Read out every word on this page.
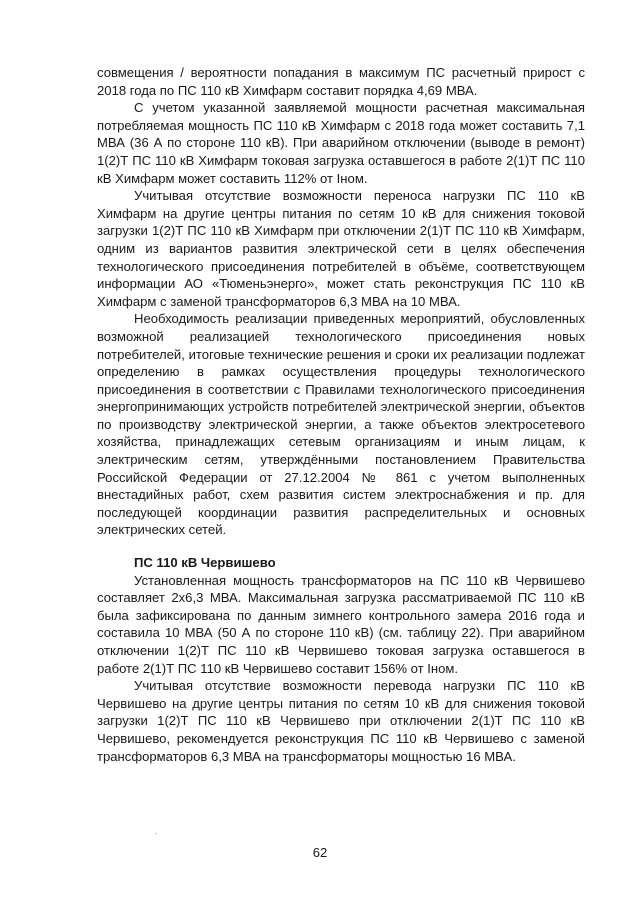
совмещения / вероятности попадания в максимум ПС расчетный прирост с 2018 года по ПС 110 кВ Химфарм составит порядка 4,69 МВА.

С учетом указанной заявляемой мощности расчетная максимальная потребляемая мощность ПС 110 кВ Химфарм с 2018 года может составить 7,1 МВА (36 А по стороне 110 кВ). При аварийном отключении (выводе в ремонт) 1(2)Т ПС 110 кВ Химфарм токовая загрузка оставшегося в работе 2(1)Т ПС 110 кВ Химфарм может составить 112% от Iном.

Учитывая отсутствие возможности переноса нагрузки ПС 110 кВ Химфарм на другие центры питания по сетям 10 кВ для снижения токовой загрузки 1(2)Т ПС 110 кВ Химфарм при отключении 2(1)Т ПС 110 кВ Химфарм, одним из вариантов развития электрической сети в целях обеспечения технологического присоединения потребителей в объёме, соответствующем информации АО «Тюменьэнерго», может стать реконструкция ПС 110 кВ Химфарм с заменой трансформаторов 6,3 МВА на 10 МВА.

Необходимость реализации приведенных мероприятий, обусловленных возможной реализацией технологического присоединения новых потребителей, итоговые технические решения и сроки их реализации подлежат определению в рамках осуществления процедуры технологического присоединения в соответствии с Правилами технологического присоединения энергопринимающих устройств потребителей электрической энергии, объектов по производству электрической энергии, а также объектов электросетевого хозяйства, принадлежащих сетевым организациям и иным лицам, к электрическим сетям, утверждёнными постановлением Правительства Российской Федерации от 27.12.2004 № 861 с учетом выполненных внестадийных работ, схем развития систем электроснабжения и пр. для последующей координации развития распределительных и основных электрических сетей.

ПС 110 кВ Червишево

Установленная мощность трансформаторов на ПС 110 кВ Червишево составляет 2х6,3 МВА. Максимальная загрузка рассматриваемой ПС 110 кВ была зафиксирована по данным зимнего контрольного замера 2016 года и составила 10 МВА (50 А по стороне 110 кВ) (см. таблицу 22). При аварийном отключении 1(2)Т ПС 110 кВ Червишево токовая загрузка оставшегося в работе 2(1)Т ПС 110 кВ Червишево составит 156% от Iном.

Учитывая отсутствие возможности перевода нагрузки ПС 110 кВ Червишево на другие центры питания по сетям 10 кВ для снижения токовой загрузки 1(2)Т ПС 110 кВ Червишево при отключении 2(1)Т ПС 110 кВ Червишево, рекомендуется реконструкция ПС 110 кВ Червишево с заменой трансформаторов 6,3 МВА на трансформаторы мощностью 16 МВА.

62
